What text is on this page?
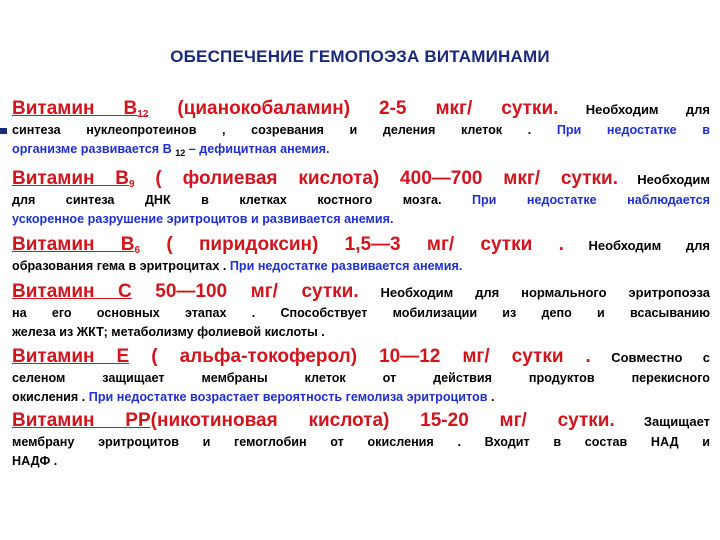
ОБЕСПЕЧЕНИЕ ГЕМОПОЭЗА ВИТАМИНАМИ
Витамин $В_{12}$ (цианокобаламин) 2-5 мкг/ сутки. Необходим для
синтеза нуклеопротеинов , созревания и деления клеток . При недостатке в
организме развивается В $_{12}$ – дефицитная анемия.
Витамин $В_9$ ( фолиевая кислота) 400—700 мкг/ сутки. Необходим
для синтеза ДНК в клетках костного мозга. При недостатке наблюдается
ускоренное разрушение эритроцитов и развивается анемия.
Витамин $В_6$ ( пиридоксин) 1,5—3 мг/ сутки . Необходим для
образования гема в эритроцитах . При недостатке развивается анемия.
Витамин С 50—100 мг/ сутки. Необходим для нормального эритропоэза
на его основных этапах . Способствует мобилизации из депо и всасыванию
железа из ЖКТ; метаболизму фолиевой кислоты .
Витамин Е ( альфа-токоферол) 10—12 мг/ сутки . Совместно с
селеном защищает мембраны клеток от действия продуктов перекисного
окисления . При недостатке возрастает вероятность гемолиза эритроцитов .
Витамин РР(никотиновая кислота) 15-20 мг/ сутки. Защищает
мембрану эритроцитов и гемоглобин от окисления . Входит в состав НАД и
НАДФ .
